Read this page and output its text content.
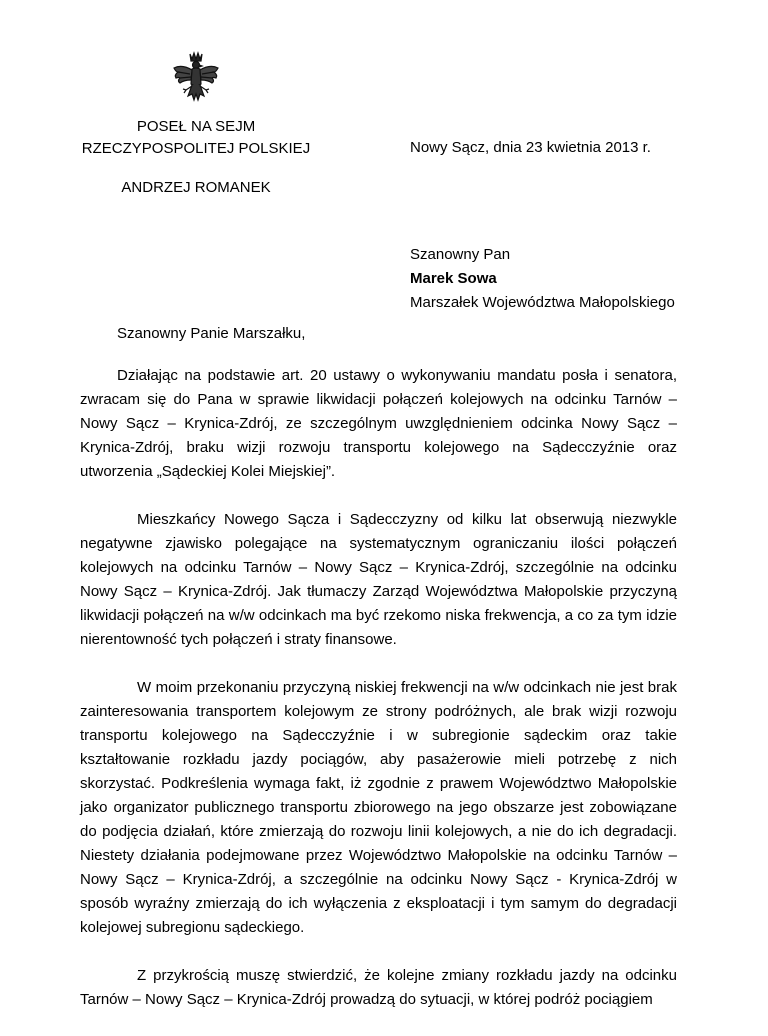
POSEŁ NA SEJM
RZECZYPOSPOLITEJ POLSKIEJ
ANDRZEJ ROMANEK
Nowy Sącz, dnia 23 kwietnia 2013 r.
Szanowny Pan
Marek Sowa
Marszałek Województwa Małopolskiego
Szanowny Panie Marszałku,

Działając na podstawie art. 20 ustawy o wykonywaniu mandatu posła i senatora, zwracam się do Pana w sprawie likwidacji połączeń kolejowych na odcinku Tarnów – Nowy Sącz – Krynica-Zdrój, ze szczególnym uwzględnieniem odcinka Nowy Sącz – Krynica-Zdrój, braku wizji rozwoju transportu kolejowego na Sądecczyźnie oraz utworzenia „Sądeckiej Kolei Miejskiej”.

Mieszkańcy Nowego Sącza i Sądecczyzny od kilku lat obserwują niezwykle negatywne zjawisko polegające na systematycznym ograniczaniu ilości połączeń kolejowych na odcinku Tarnów – Nowy Sącz – Krynica-Zdrój, szczególnie na odcinku Nowy Sącz – Krynica-Zdrój. Jak tłumaczy Zarząd Województwa Małopolskie przyczyną likwidacji połączeń na w/w odcinkach ma być rzekomo niska frekwencja, a co za tym idzie nierentowność tych połączeń i straty finansowe.

W moim przekonaniu przyczyną niskiej frekwencji na w/w odcinkach nie jest brak zainteresowania transportem kolejowym ze strony podróżnych, ale brak wizji rozwoju transportu kolejowego na Sądecczyźnie i w subregionie sądeckim oraz takie kształtowanie rozkładu jazdy pociągów, aby pasażerowie mieli potrzebę z nich skorzystać. Podkreślenia wymaga fakt, iż zgodnie z prawem Województwo Małopolskie jako organizator publicznego transportu zbiorowego na jego obszarze jest zobowiązane do podjęcia działań, które zmierzają do rozwoju linii kolejowych, a nie do ich degradacji. Niestety działania podejmowane przez Województwo Małopolskie na odcinku Tarnów – Nowy Sącz – Krynica-Zdrój, a szczególnie na odcinku Nowy Sącz - Krynica-Zdrój w sposób wyraźny zmierzają do ich wyłączenia z eksploatacji i tym samym do degradacji kolejowej subregionu sądeckiego.

Z przykrością muszę stwierdzić, że kolejne zmiany rozkładu jazdy na odcinku Tarnów – Nowy Sącz – Krynica-Zdrój prowadzą do sytuacji, w której podróż pociągiem
